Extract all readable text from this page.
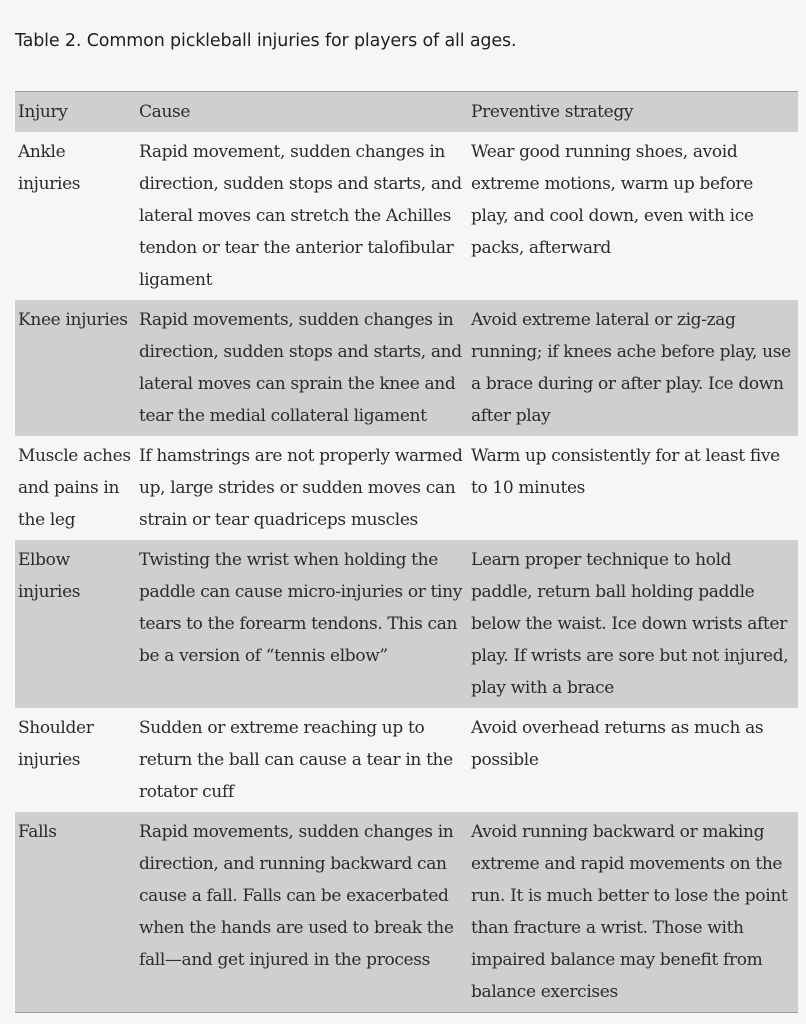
Table 2. Common pickleball injuries for players of all ages.
Injury	Cause	Preventive strategy
Ankle injuries	Rapid movement, sudden changes in direction, sudden stops and starts, and lateral moves can stretch the Achilles tendon or tear the anterior talofibular ligament	Wear good running shoes, avoid extreme motions, warm up before play, and cool down, even with ice packs, afterward
Knee injuries	Rapid movements, sudden changes in direction, sudden stops and starts, and lateral moves can sprain the knee and tear the medial collateral ligament	Avoid extreme lateral or zig-zag running; if knees ache before play, use a brace during or after play. Ice down after play
Muscle aches and pains in the leg	If hamstrings are not properly warmed up, large strides or sudden moves can strain or tear quadriceps muscles	Warm up consistently for at least five to 10 minutes
Elbow injuries	Twisting the wrist when holding the paddle can cause micro-injuries or tiny tears to the forearm tendons. This can be a version of “tennis elbow”	Learn proper technique to hold paddle, return ball holding paddle below the waist. Ice down wrists after play. If wrists are sore but not injured, play with a brace
Shoulder injuries	Sudden or extreme reaching up to return the ball can cause a tear in the rotator cuff	Avoid overhead returns as much as possible
Falls	Rapid movements, sudden changes in direction, and running backward can cause a fall. Falls can be exacerbated when the hands are used to break the fall—and get injured in the process	Avoid running backward or making extreme and rapid movements on the run. It is much better to lose the point than fracture a wrist. Those with impaired balance may benefit from balance exercises
